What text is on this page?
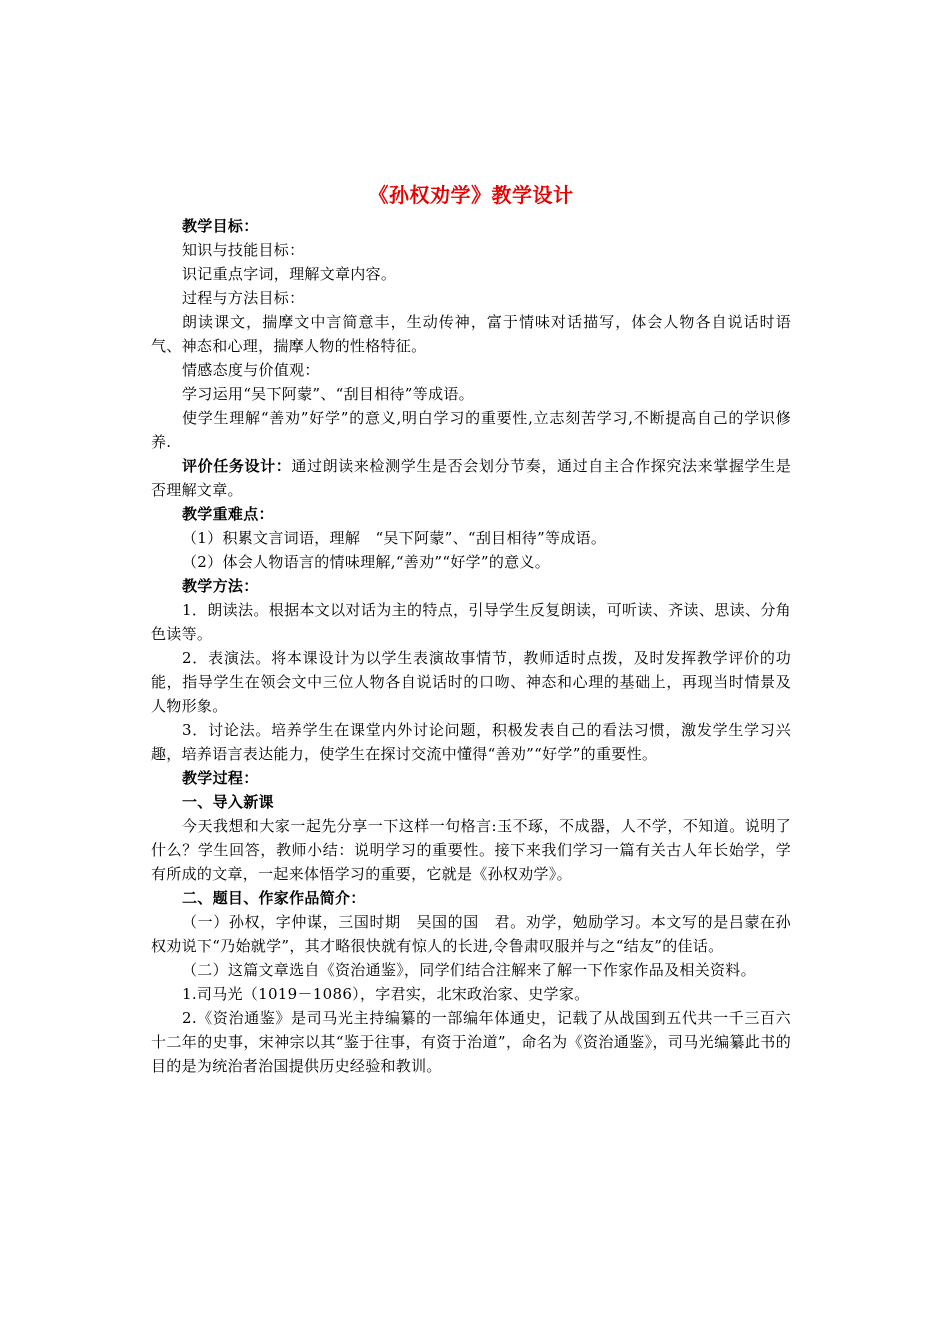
《孙权劝学》教学设计

教学目标：

知识与技能目标：

识记重点字词，理解文章内容。

过程与方法目标：

朗读课文，揣摩文中言简意丰，生动传神，富于情味对话描写，体会人物各自说话时语气、神态和心理，揣摩人物的性格特征。

情感态度与价值观：

学习运用“吴下阿蒙”、“刮目相待”等成语。

使学生理解“善劝”好学”的意义,明白学习的重要性,立志刻苦学习,不断提高自己的学识修养.

评价任务设计：通过朗读来检测学生是否会划分节奏，通过自主合作探究法来掌握学生是否理解文章。

教学重难点：

（1）积累文言词语，理解　“吴下阿蒙”、“刮目相待”等成语。

（2）体会人物语言的情味理解,“善劝”“好学”的意义。

教学方法：

1．朗读法。根据本文以对话为主的特点，引导学生反复朗读，可听读、齐读、思读、分角色读等。

2．表演法。将本课设计为以学生表演故事情节，教师适时点拨，及时发挥教学评价的功能，指导学生在领会文中三位人物各自说话时的口吻、神态和心理的基础上，再现当时情景及人物形象。

3．讨论法。培养学生在课堂内外讨论问题，积极发表自己的看法习惯，激发学生学习兴趣，培养语言表达能力，使学生在探讨交流中懂得“善劝”“好学”的重要性。

教学过程：

一、导入新课

今天我想和大家一起先分享一下这样一句格言:玉不琢，不成器，人不学，不知道。说明了什么？学生回答，教师小结：说明学习的重要性。接下来我们学习一篇有关古人年长始学，学有所成的文章，一起来体悟学习的重要，它就是《孙权劝学》。

二、题目、作家作品简介：

（一）孙权，字仲谋，三国时期　吴国的国　君。劝学，勉励学习。本文写的是吕蒙在孙权劝说下“乃始就学”，其才略很快就有惊人的长进,令鲁肃叹服并与之“结友”的佳话。

（二）这篇文章选自《资治通鉴》，同学们结合注解来了解一下作家作品及相关资料。

1.司马光（1019－1086），字君实，北宋政治家、史学家。

2.《资治通鉴》是司马光主持编纂的一部编年体通史，记载了从战国到五代共一千三百六十二年的史事，宋神宗以其“鉴于往事，有资于治道”，命名为《资治通鉴》，司马光编纂此书的目的是为统治者治国提供历史经验和教训。
